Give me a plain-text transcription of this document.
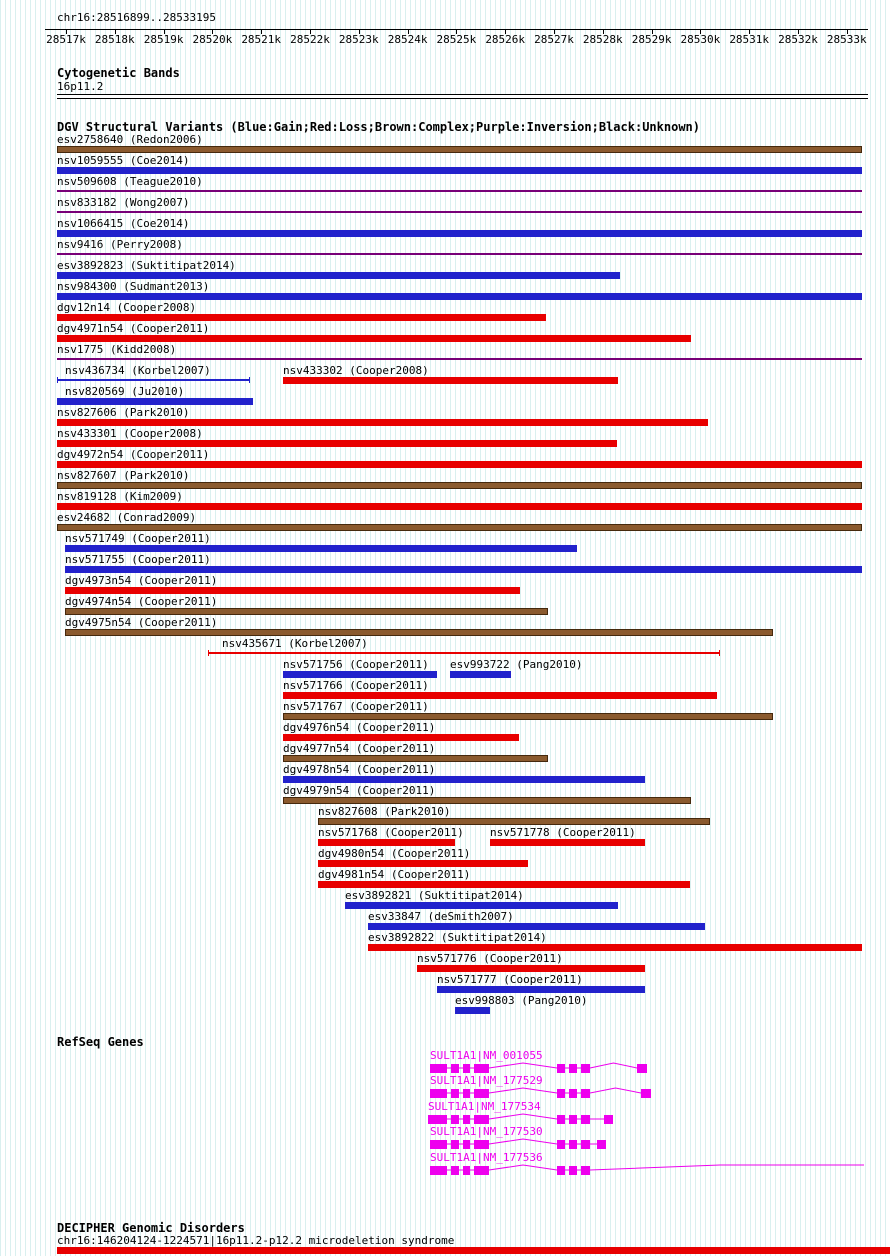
chr16:28516899..28533195
Cytogenetic Bands
16p11.2
DGV Structural Variants (Blue:Gain;Red:Loss;Brown:Complex;Purple:Inversion;Black:Unknown)
RefSeq Genes
DECIPHER Genomic Disorders
chr16:146204124-1224571|16p11.2-p12.2 microdeletion syndrome
28517k 28518k 28519k 28520k 28521k 28522k 28523k 28524k 28525k 28526k 28527k 28528k 28529k 28530k 28531k 28532k 28533k
esv2758640 (Redon2006)
nsv1059555 (Coe2014)
nsv509608 (Teague2010)
nsv833182 (Wong2007)
nsv1066415 (Coe2014)
nsv9416 (Perry2008)
esv3892823 (Suktitipat2014)
nsv984300 (Sudmant2013)
dgv12n14 (Cooper2008)
dgv4971n54 (Cooper2011)
nsv1775 (Kidd2008)
nsv436734 (Korbel2007)	nsv433302 (Cooper2008)
nsv820569 (Ju2010)
nsv827606 (Park2010)
nsv433301 (Cooper2008)
dgv4972n54 (Cooper2011)
nsv827607 (Park2010)
nsv819128 (Kim2009)
esv24682 (Conrad2009)
nsv571749 (Cooper2011)
nsv571755 (Cooper2011)
dgv4973n54 (Cooper2011)
dgv4974n54 (Cooper2011)
dgv4975n54 (Cooper2011)
nsv435671 (Korbel2007)
nsv571756 (Cooper2011) esv993722 (Pang2010)
nsv571766 (Cooper2011)
nsv571767 (Cooper2011)
dgv4976n54 (Cooper2011)
dgv4977n54 (Cooper2011)
dgv4978n54 (Cooper2011)
dgv4979n54 (Cooper2011)
nsv827608 (Park2010)
nsv571768 (Cooper2011) nsv571778 (Cooper2011)
dgv4980n54 (Cooper2011)
dgv4981n54 (Cooper2011)
esv3892821 (Suktitipat2014)
esv33847 (deSmith2007)
esv3892822 (Suktitipat2014)
nsv571776 (Cooper2011)
nsv571777 (Cooper2011)
esv998803 (Pang2010)
SULT1A1|NM_001055
SULT1A1|NM_177529
SULT1A1|NM_177534
SULT1A1|NM_177530
SULT1A1|NM_177536
